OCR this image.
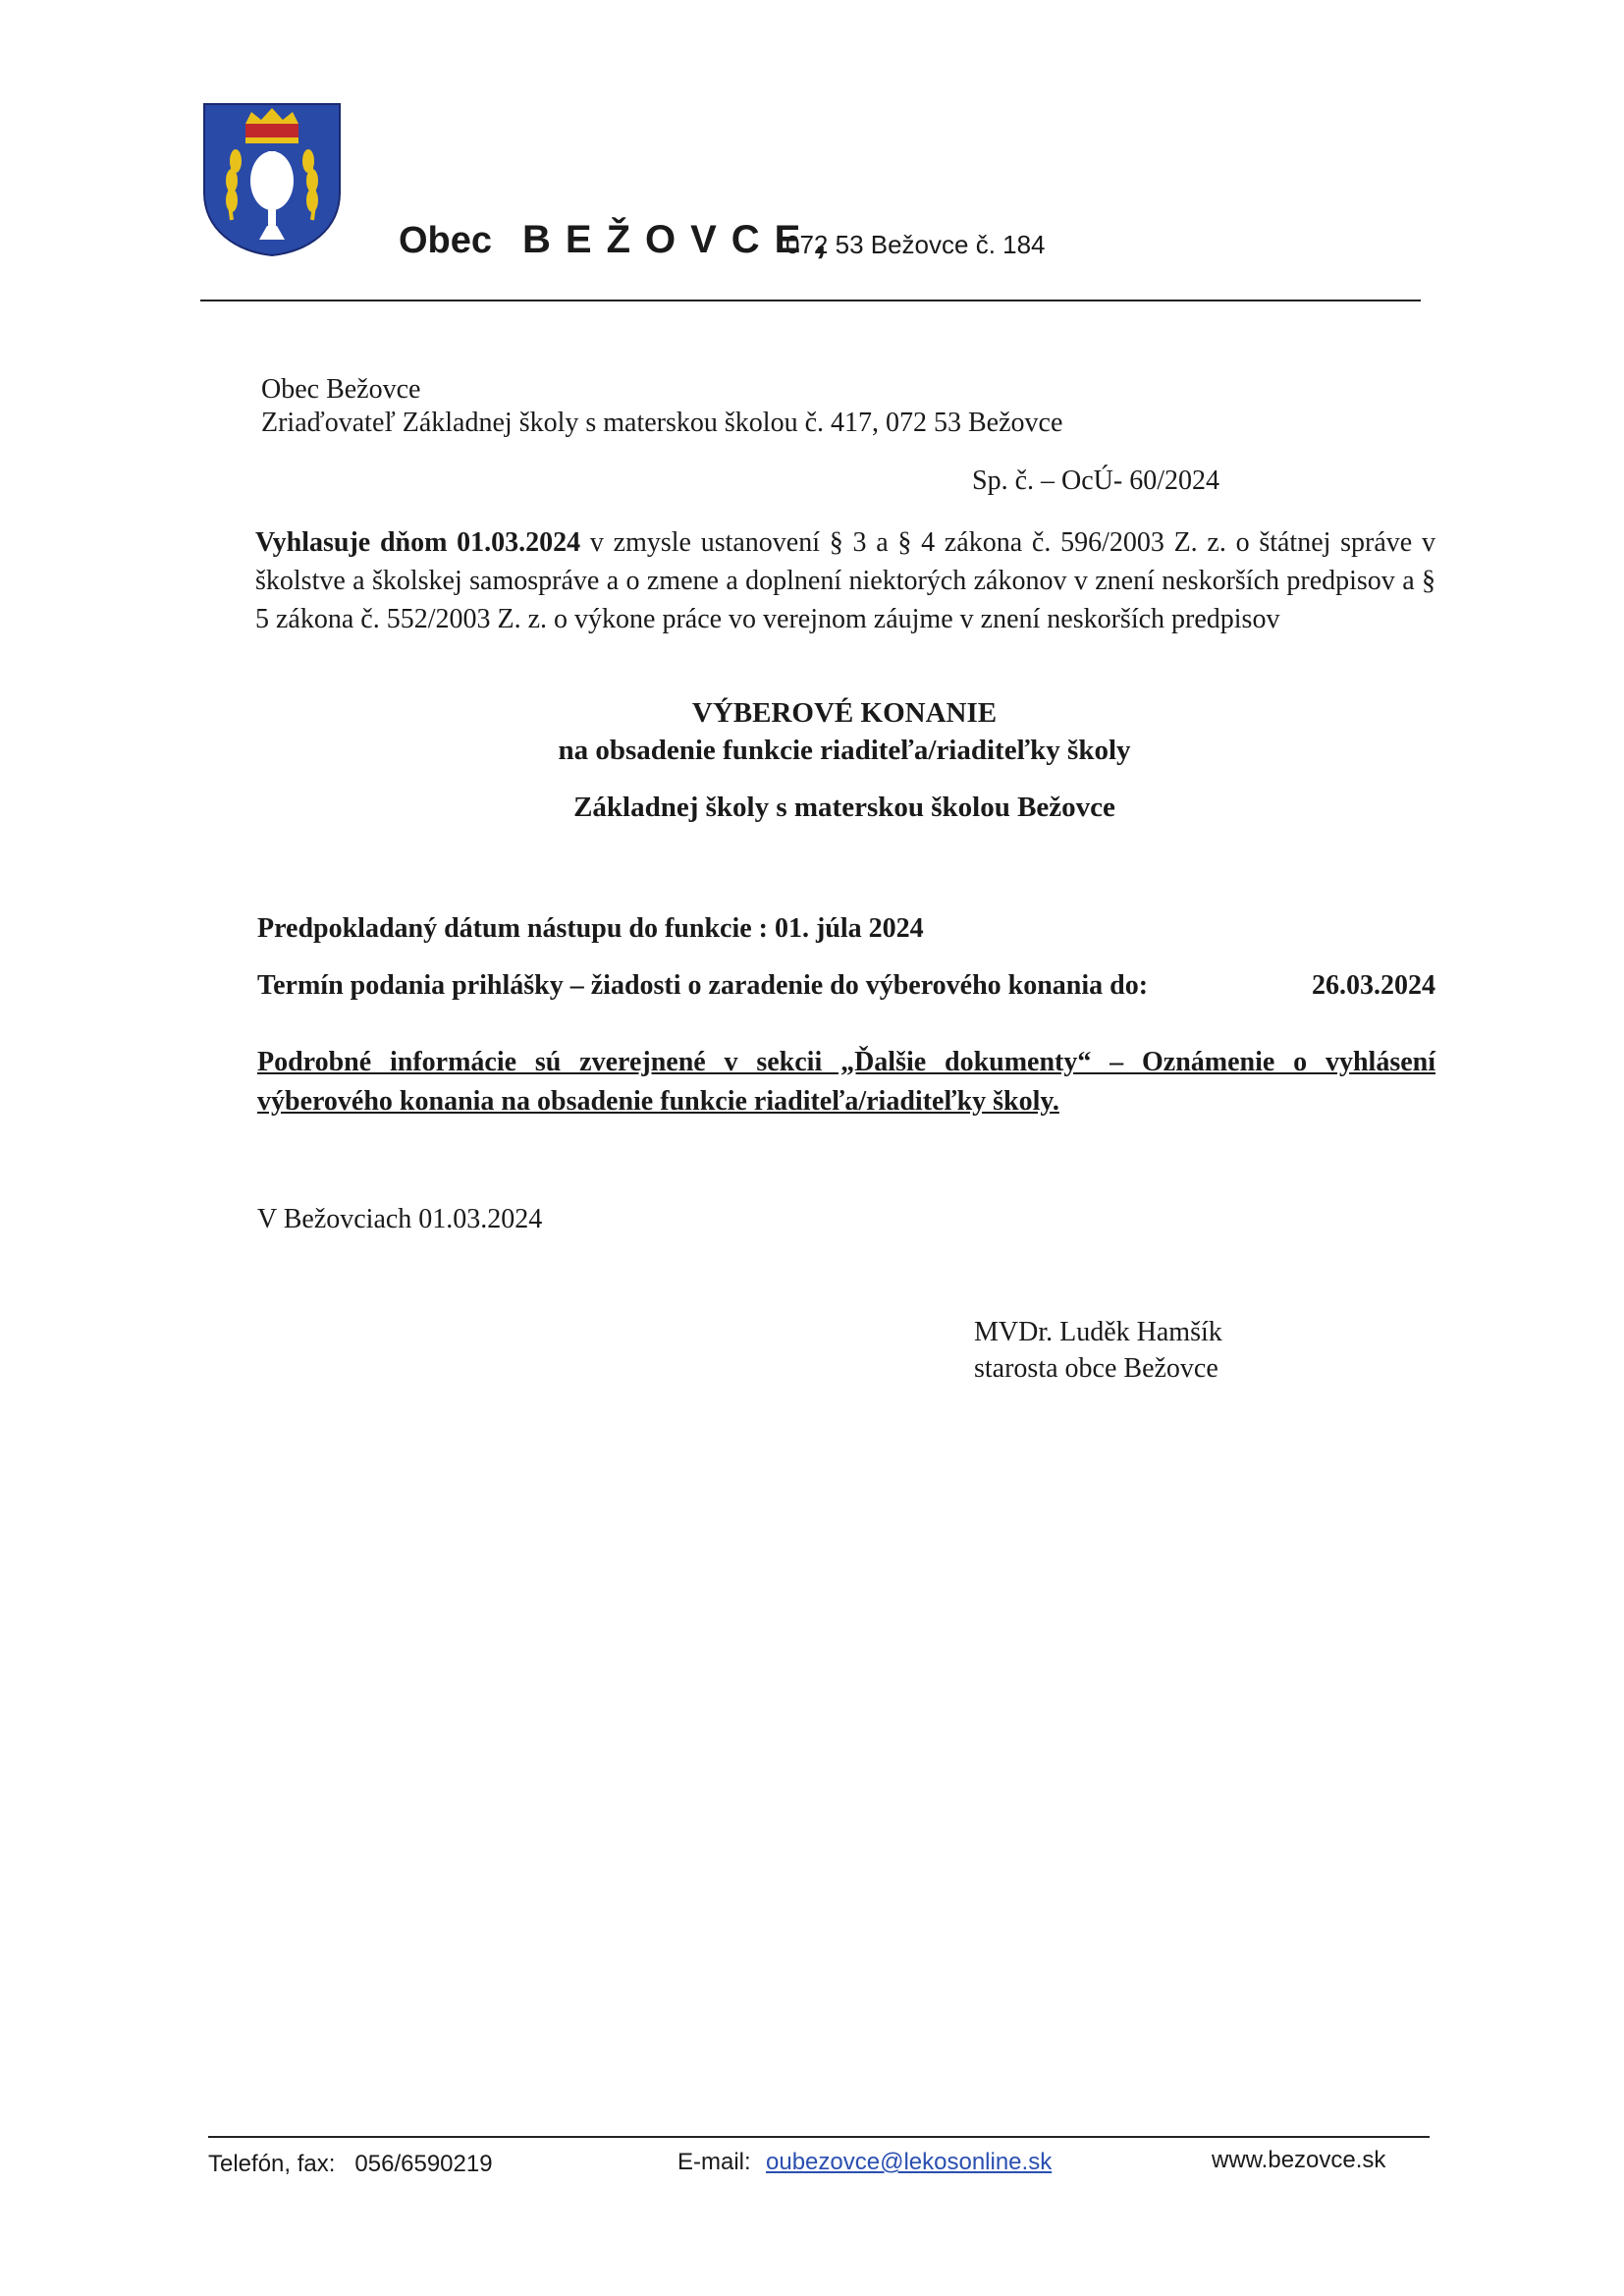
Obec BEŽOVCE,
072 53 Bežovce č. 184
Obec Bežovce
Zriaďovateľ Základnej školy s materskou školou č. 417, 072 53 Bežovce
Sp. č. – OcÚ- 60/2024
Vyhlasuje dňom 01.03.2024 v zmysle ustanovení § 3 a § 4 zákona č. 596/2003 Z. z. o štátnej správe v školstve a školskej samospráve a o zmene a doplnení niektorých zákonov v znení neskorších predpisov a § 5 zákona č. 552/2003 Z. z. o výkone práce vo verejnom záujme v znení neskorších predpisov
VÝBEROVÉ KONANIE
na obsadenie funkcie riaditeľa/riaditeľky školy
Základnej školy s materskou školou Bežovce
Predpokladaný dátum nástupu do funkcie : 01. júla 2024
Termín podania prihlášky – žiadosti o zaradenie do výberového konania do:	26.03.2024
Podrobné informácie sú zverejnené v sekcii „Ďalšie dokumenty“ – Oznámenie o vyhlásení výberového konania na obsadenie funkcie riaditeľa/riaditeľky školy.
V Bežovciach 01.03.2024
MVDr. Luděk Hamšík
starosta obce Bežovce
Telefón, fax:   056/6590219	E-mail: oubezovce@lekosonline.sk	www.bezovce.sk
